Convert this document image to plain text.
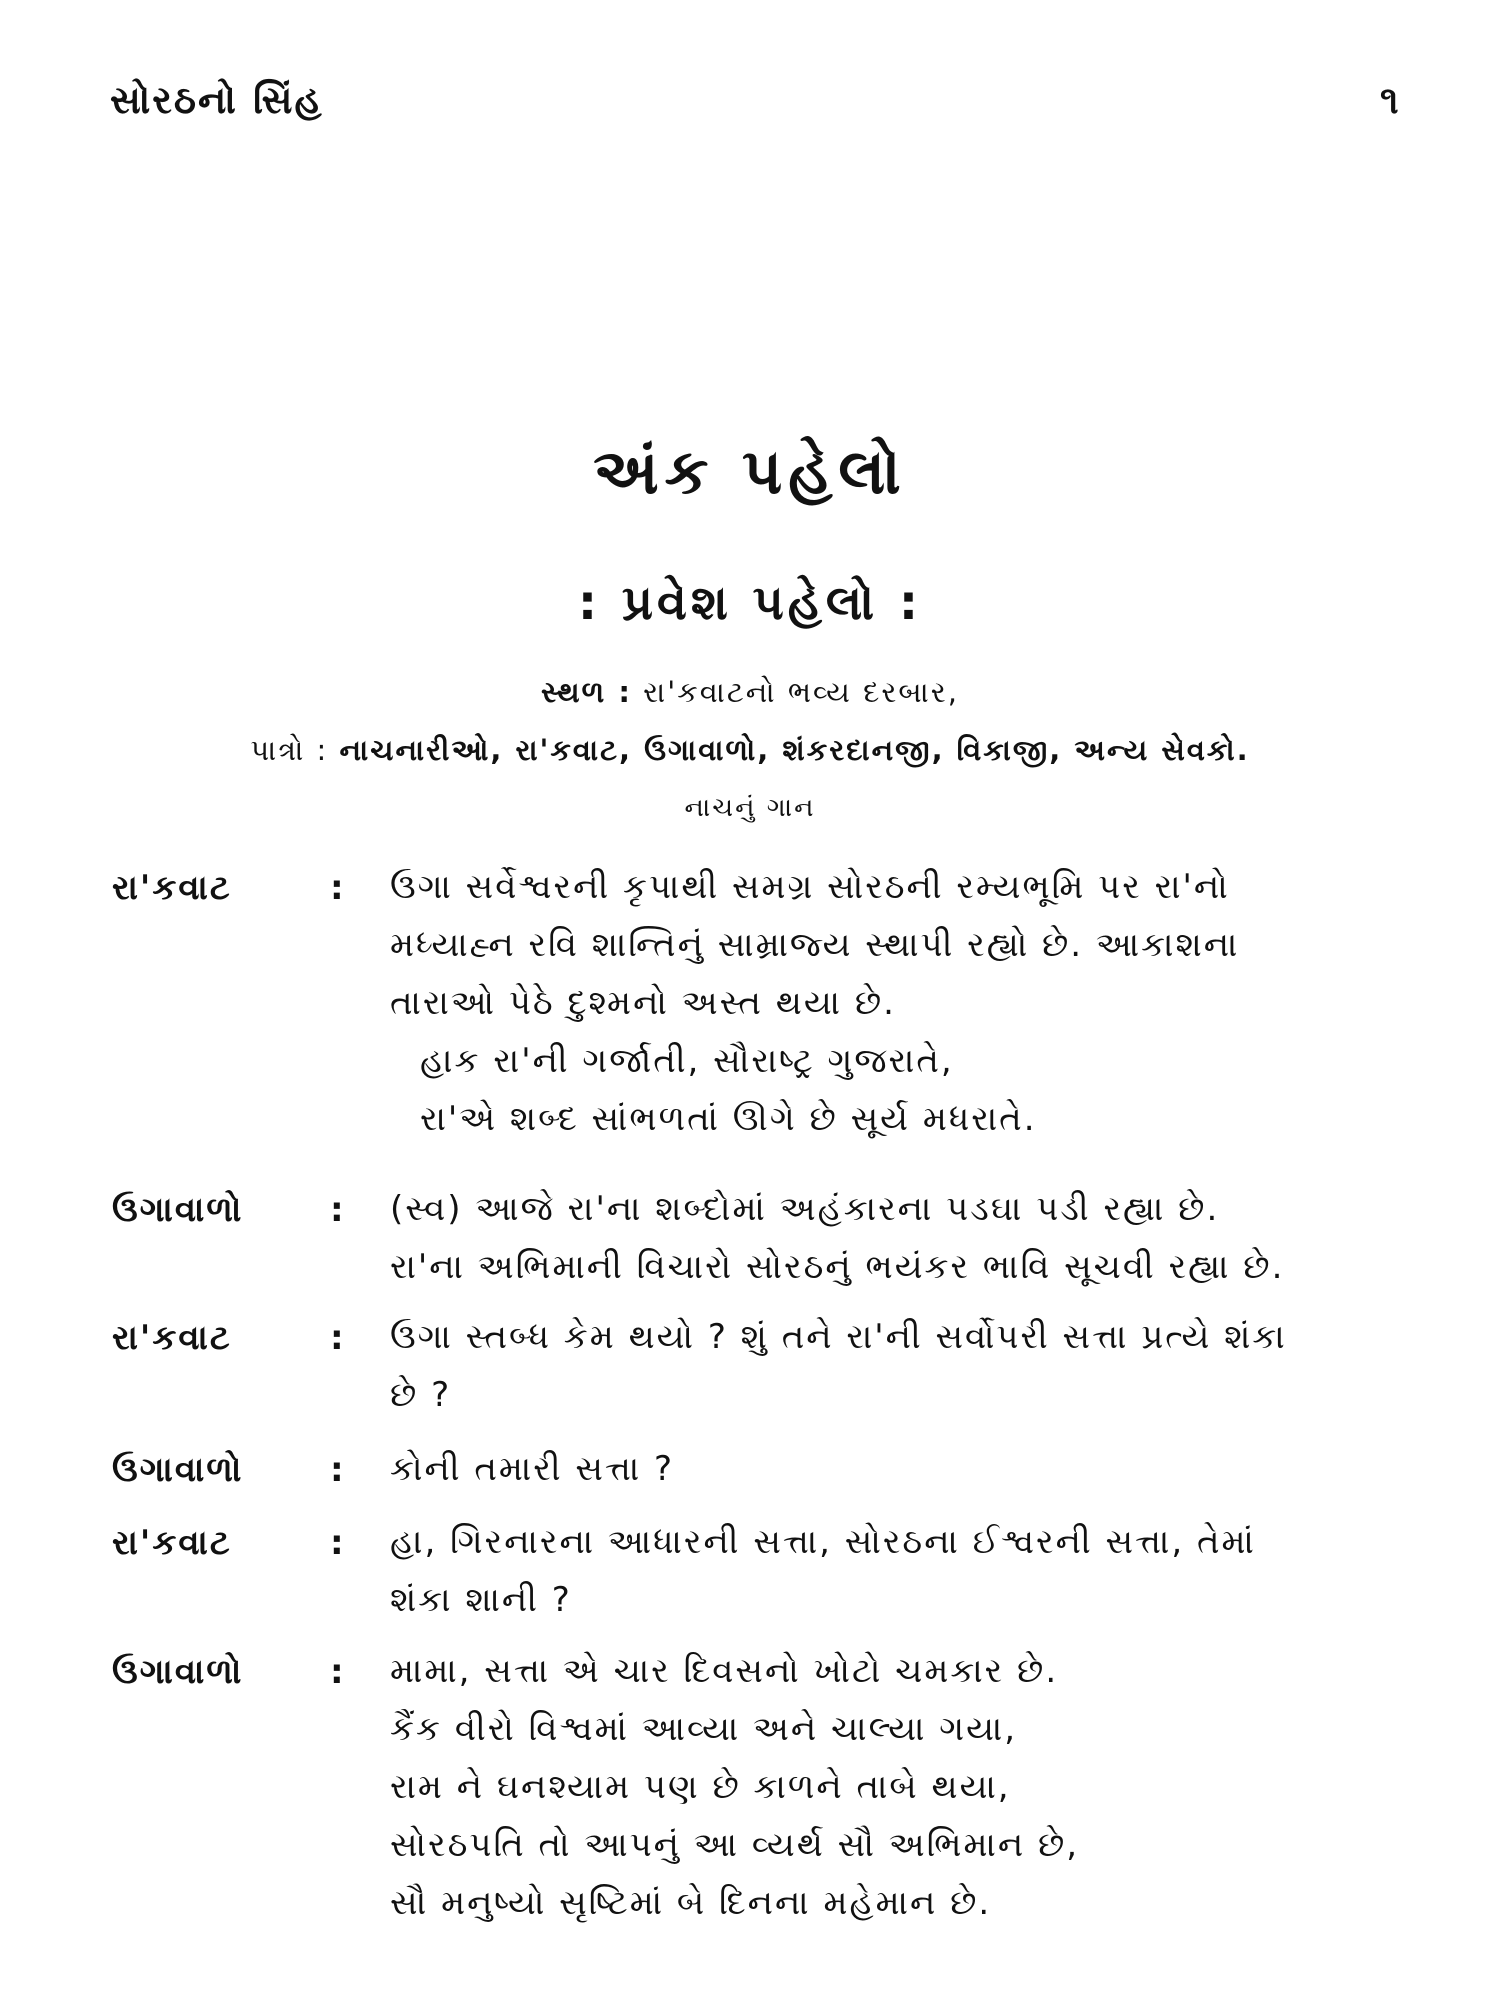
સોરઠનો સિંહ	૧
અંક પહેલો
: પ્રવેશ પહેલો :
સ્થળ : રા'કવાટનો ભવ્ય દરબાર,
પાત્રો : નાચનારીઓ, રા'કવાટ, ઉગાવાળો, શંકરદાનજી, વિકાજી, અન્ય સેવકો.
નાચનું ગાન
રા'કવાટ	: ઉગા સર્વેશ્વરની કૃપાથી સમગ્ર સોરઠની રમ્યભૂમિ પર રા'નો
મધ્યાહ્ન રવિ શાન્તિનું સામ્રાજ્ય સ્થાપી રહ્યો છે. આકાશના
તારાઓ પેઠે દુશ્મનો અસ્ત થયા છે.
હાક રા'ની ગર્જાતી, સૌરાષ્ટ્ર ગુજરાતે,
રા'એ શબ્દ સાંભળતાં ઊગે છે સૂર્ય મધરાતે.
ઉગાવાળો	: (સ્વ) આજે રા'ના શબ્દોમાં અહંકારના પડઘા પડી રહ્યા છે.
રા'ના અભિમાની વિચારો સોરઠનું ભયંકર ભાવિ સૂચવી રહ્યા છે.
રા'કવાટ	: ઉગા સ્તબ્ધ કેમ થયો ? શું તને રા'ની સર્વોપરી સત્તા પ્રત્યે શંકા
છે ?
ઉગાવાળો	: કોની તમારી સત્તા ?
રા'કવાટ	: હા, ગિરનારના આધારની સત્તા, સોરઠના ઈશ્વરની સત્તા, તેમાં
શંકા શાની ?
ઉગાવાળો	: મામા, સત્તા એ ચાર દિવસનો ખોટો ચમકાર છે.
કૈંક વીરો વિશ્વમાં આવ્યા અને ચાલ્યા ગયા,
રામ ને ઘનશ્યામ પણ છે કાળને તાબે થયા,
સોરઠપતિ તો આપનું આ વ્યર્થ સૌ અભિમાન છે,
સૌ મનુષ્યો સૃષ્ટિમાં બે દિનના મહેમાન છે.
